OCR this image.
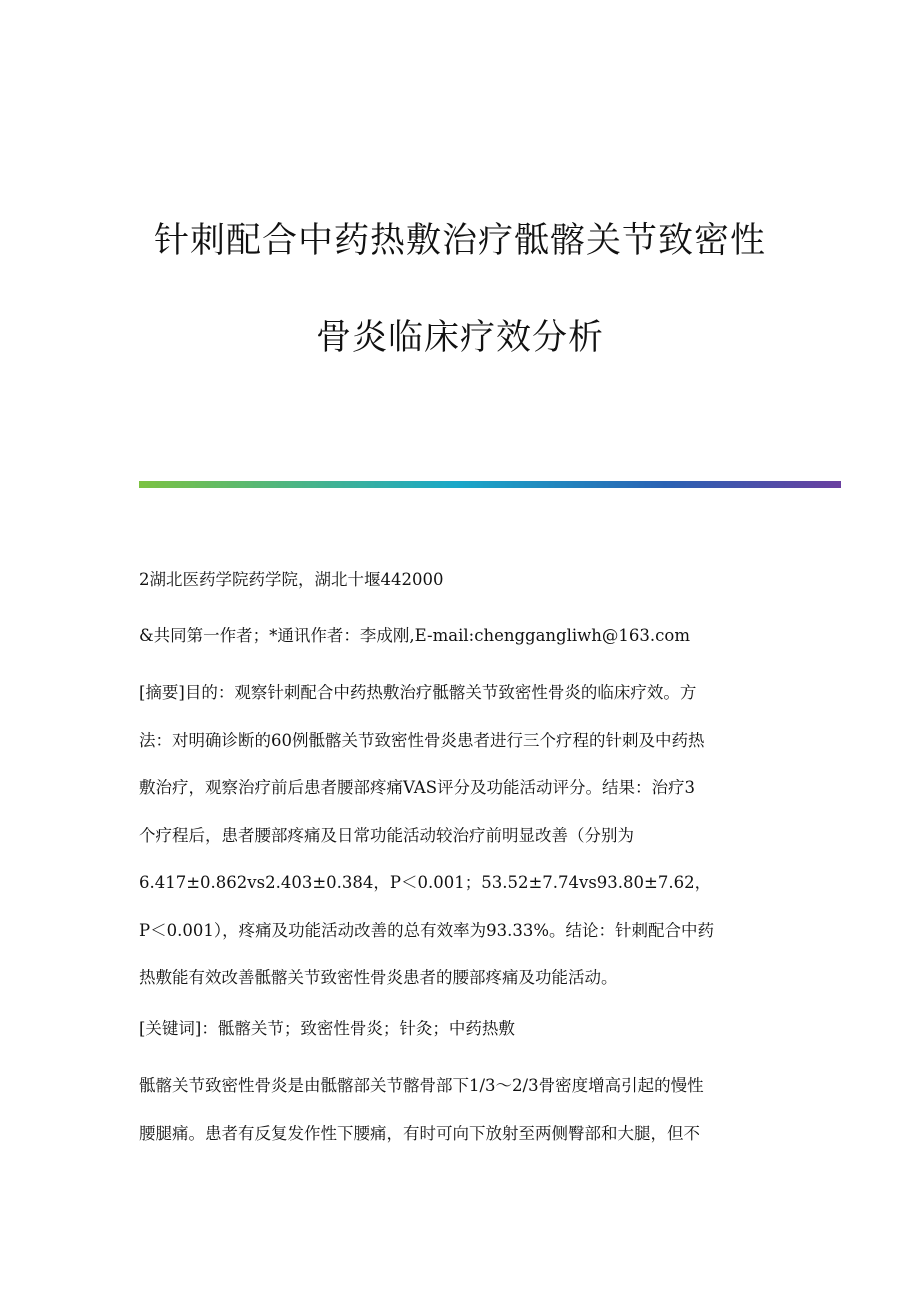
针刺配合中药热敷治疗骶髂关节致密性
骨炎临床疗效分析
2湖北医药学院药学院，湖北十堰442000
&共同第一作者；*通讯作者：李成刚,E-mail:chenggangliwh@163.com
[摘要]目的：观察针刺配合中药热敷治疗骶髂关节致密性骨炎的临床疗效。方
法：对明确诊断的60例骶髂关节致密性骨炎患者进行三个疗程的针刺及中药热
敷治疗，观察治疗前后患者腰部疼痛VAS评分及功能活动评分。结果：治疗3
个疗程后，患者腰部疼痛及日常功能活动较治疗前明显改善（分别为
6.417±0.862vs2.403±0.384，P＜0.001；53.52±7.74vs93.80±7.62，
P＜0.001），疼痛及功能活动改善的总有效率为93.33%。结论：针刺配合中药
热敷能有效改善骶髂关节致密性骨炎患者的腰部疼痛及功能活动。
[关键词]：骶髂关节；致密性骨炎；针灸；中药热敷
骶髂关节致密性骨炎是由骶髂部关节髂骨部下1/3～2/3骨密度增高引起的慢性
腰腿痛。患者有反复发作性下腰痛，有时可向下放射至两侧臀部和大腿，但不
